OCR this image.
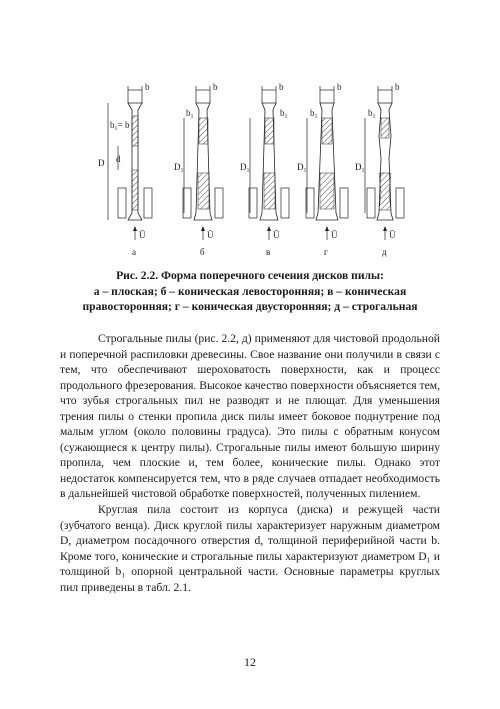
b
D d
b₁= b
Ū
а
b
b₁
D₁
Ū
б
b
b₁
D₁
Ū
в
b
b₁
D₁
Ū
г
b
b₁
D₁
Ū
д
Рис. 2.2. Форма поперечного сечения дисков пилы:
а – плоская; б – коническая левосторонняя; в – коническая
правосторонняя; г – коническая двусторонняя; д – строгальная

Строгальные пилы (рис. 2.2, д) применяют для чистовой продольной и поперечной распиловки древесины. Свое название они получили в связи с тем, что обеспечивают шероховатость поверхности, как и процесс продольного фрезерования. Высокое качество поверхности объясняется тем, что зубья строгальных пил не разводят и не плющат. Для уменьшения трения пилы о стенки пропила диск пилы имеет боковое поднутрение под малым углом (около половины градуса). Это пилы с обратным конусом (сужающиеся к центру пилы). Строгальные пилы имеют большую ширину пропила, чем плоские и, тем более, конические пилы. Однако этот недостаток компенсируется тем, что в ряде случаев отпадает необходимость в дальнейшей чистовой обработке поверхностей, полученных пилением.

Круглая пила состоит из корпуса (диска) и режущей части (зубчатого венца). Диск круглой пилы характеризует наружным диаметром D, диаметром посадочного отверстия d, толщиной периферийной части b. Кроме того, конические и строгальные пилы характеризуют диаметром D₁ и толщиной b₁ опорной центральной части. Основные параметры круглых пил приведены в табл. 2.1.

12
